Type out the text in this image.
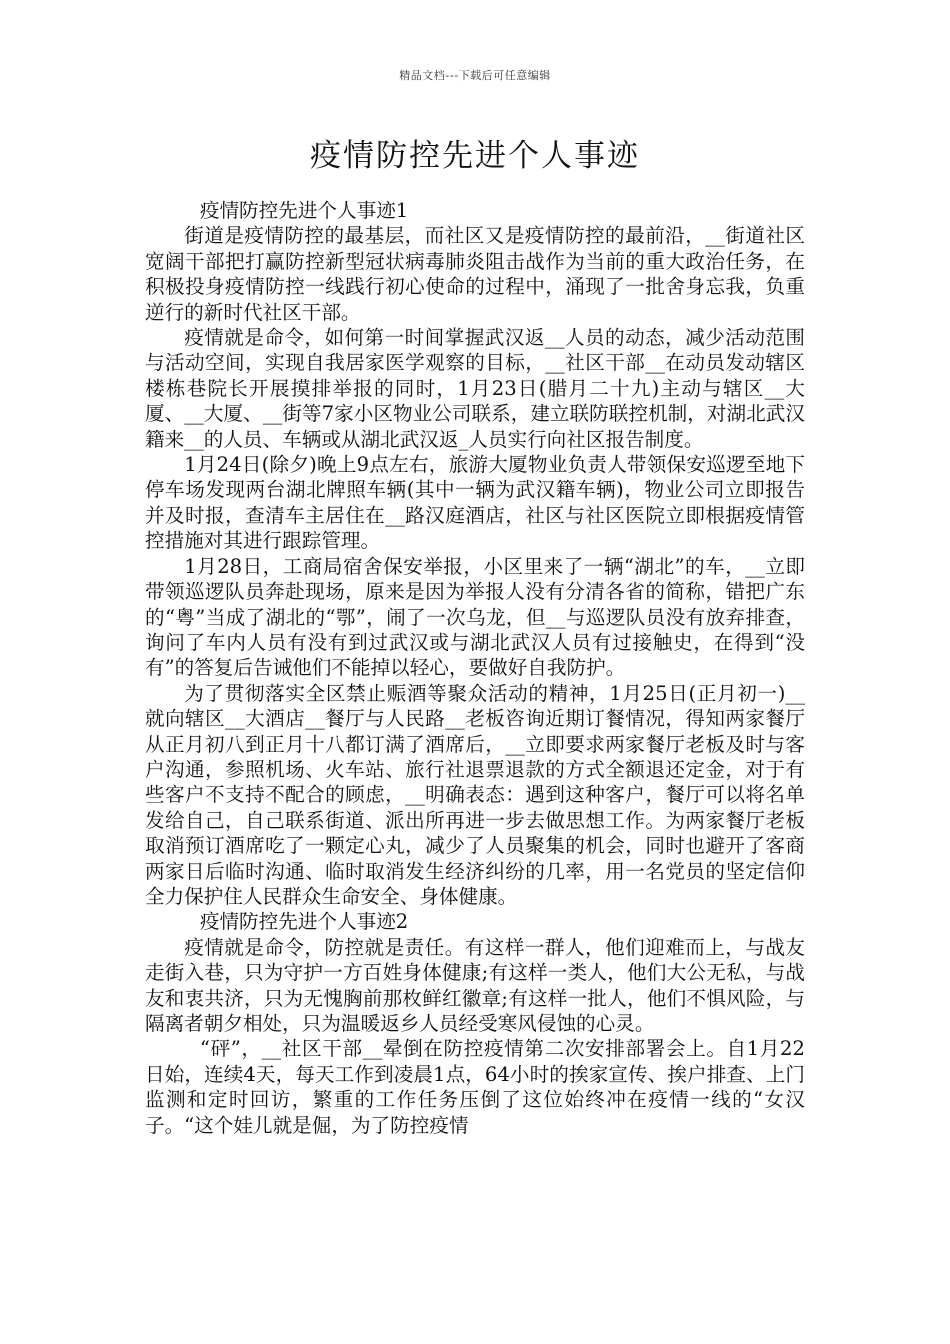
精品文档---下载后可任意编辑
疫情防控先进个人事迹

疫情防控先进个人事迹1

街道是疫情防控的最基层，而社区又是疫情防控的最前沿，__街道社区宽阔干部把打赢防控新型冠状病毒肺炎阻击战作为当前的重大政治任务，在积极投身疫情防控一线践行初心使命的过程中，涌现了一批舍身忘我，负重逆行的新时代社区干部。

疫情就是命令，如何第一时间掌握武汉返__人员的动态，减少活动范围与活动空间，实现自我居家医学观察的目标，__社区干部__在动员发动辖区楼栋巷院长开展摸排举报的同时，1月23日(腊月二十九)主动与辖区__大厦、__大厦、__街等7家小区物业公司联系，建立联防联控机制，对湖北武汉籍来__的人员、车辆或从湖北武汉返_人员实行向社区报告制度。

1月24日(除夕)晚上9点左右，旅游大厦物业负责人带领保安巡逻至地下停车场发现两台湖北牌照车辆(其中一辆为武汉籍车辆)，物业公司立即报告并及时报，查清车主居住在__路汉庭酒店，社区与社区医院立即根据疫情管控措施对其进行跟踪管理。

1月28日，工商局宿舍保安举报，小区里来了一辆“湖北”的车，__立即带领巡逻队员奔赴现场，原来是因为举报人没有分清各省的简称，错把广东的“粤”当成了湖北的“鄂”，闹了一次乌龙，但__与巡逻队员没有放弃排查，询问了车内人员有没有到过武汉或与湖北武汉人员有过接触史，在得到“没有”的答复后告诫他们不能掉以轻心，要做好自我防护。

为了贯彻落实全区禁止赈酒等聚众活动的精神，1月25日(正月初一)__就向辖区__大酒店__餐厅与人民路__老板咨询近期订餐情况，得知两家餐厅从正月初八到正月十八都订满了酒席后，__立即要求两家餐厅老板及时与客户沟通，参照机场、火车站、旅行社退票退款的方式全额退还定金，对于有些客户不支持不配合的顾虑，__明确表态：遇到这种客户，餐厅可以将名单发给自己，自己联系街道、派出所再进一步去做思想工作。为两家餐厅老板取消预订酒席吃了一颗定心丸，减少了人员聚集的机会，同时也避开了客商两家日后临时沟通、临时取消发生经济纠纷的几率，用一名党员的坚定信仰全力保护住人民群众生命安全、身体健康。

疫情防控先进个人事迹2

疫情就是命令，防控就是责任。有这样一群人，他们迎难而上，与战友走街入巷，只为守护一方百姓身体健康;有这样一类人，他们大公无私，与战友和衷共济，只为无愧胸前那枚鲜红徽章;有这样一批人，他们不惧风险，与隔离者朝夕相处，只为温暖返乡人员经受寒风侵蚀的心灵。

“砰”，__社区干部__晕倒在防控疫情第二次安排部署会上。自1月22日始，连续4天，每天工作到凌晨1点，64小时的挨家宣传、挨户排查、上门监测和定时回访，繁重的工作任务压倒了这位始终冲在疫情一线的“女汉子。“这个娃儿就是倔，为了防控疫情
